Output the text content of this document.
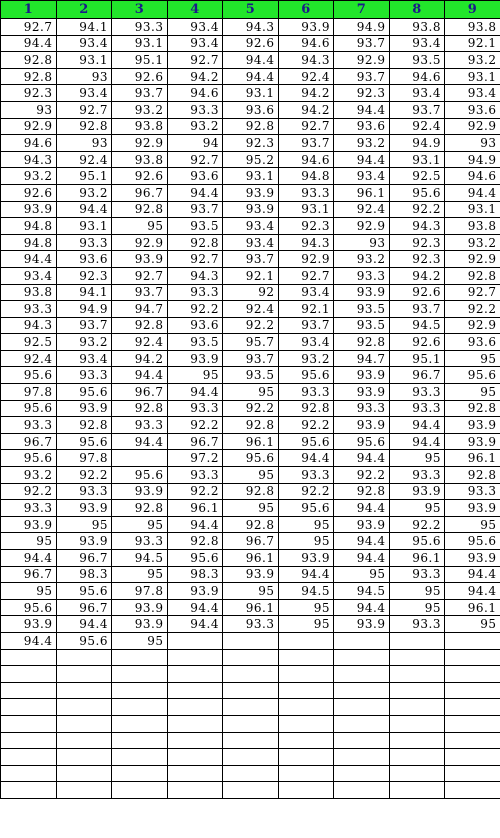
1	2	3	4	5	6	7	8	9
92.7	94.1	93.3	93.4	94.3	93.9	94.9	93.8	93.8
94.4	93.4	93.1	93.4	92.6	94.6	93.7	93.4	92.1
92.8	93.1	95.1	92.7	94.4	94.3	92.9	93.5	93.2
92.8	93	92.6	94.2	94.4	92.4	93.7	94.6	93.1
92.3	93.4	93.7	94.6	93.1	94.2	92.3	93.4	93.4
93	92.7	93.2	93.3	93.6	94.2	94.4	93.7	93.6
92.9	92.8	93.8	93.2	92.8	92.7	93.6	92.4	92.9
94.6	93	92.9	94	92.3	93.7	93.2	94.9	93
94.3	92.4	93.8	92.7	95.2	94.6	94.4	93.1	94.9
93.2	95.1	92.6	93.6	93.1	94.8	93.4	92.5	94.6
92.6	93.2	96.7	94.4	93.9	93.3	96.1	95.6	94.4
93.9	94.4	92.8	93.7	93.9	93.1	92.4	92.2	93.1
94.8	93.1	95	93.5	93.4	92.3	92.9	94.3	93.8
94.8	93.3	92.9	92.8	93.4	94.3	93	92.3	93.2
94.4	93.6	93.9	92.7	93.7	92.9	93.2	92.3	92.9
93.4	92.3	92.7	94.3	92.1	92.7	93.3	94.2	92.8
93.8	94.1	93.7	93.3	92	93.4	93.9	92.6	92.7
93.3	94.9	94.7	92.2	92.4	92.1	93.5	93.7	92.2
94.3	93.7	92.8	93.6	92.2	93.7	93.5	94.5	92.9
92.5	93.2	92.4	93.5	95.7	93.4	92.8	92.6	93.6
92.4	93.4	94.2	93.9	93.7	93.2	94.7	95.1	95
95.6	93.3	94.4	95	93.5	95.6	93.9	96.7	95.6
97.8	95.6	96.7	94.4	95	93.3	93.9	93.3	95
95.6	93.9	92.8	93.3	92.2	92.8	93.3	93.3	92.8
93.3	92.8	93.3	92.2	92.8	92.2	93.9	94.4	93.9
96.7	95.6	94.4	96.7	96.1	95.6	95.6	94.4	93.9
95.6	97.8		97.2	95.6	94.4	94.4	95	96.1
93.2	92.2	95.6	93.3	95	93.3	92.2	93.3	92.8
92.2	93.3	93.9	92.2	92.8	92.2	92.8	93.9	93.3
93.3	93.9	92.8	96.1	95	95.6	94.4	95	93.9
93.9	95	95	94.4	92.8	95	93.9	92.2	95
95	93.9	93.3	92.8	96.7	95	94.4	95.6	95.6
94.4	96.7	94.5	95.6	96.1	93.9	94.4	96.1	93.9
96.7	98.3	95	98.3	93.9	94.4	95	93.3	94.4
95	95.6	97.8	93.9	95	94.5	94.5	95	94.4
95.6	96.7	93.9	94.4	96.1	95	94.4	95	96.1
93.9	94.4	93.9	94.4	93.3	95	93.9	93.3	95
94.4	95.6	95						
